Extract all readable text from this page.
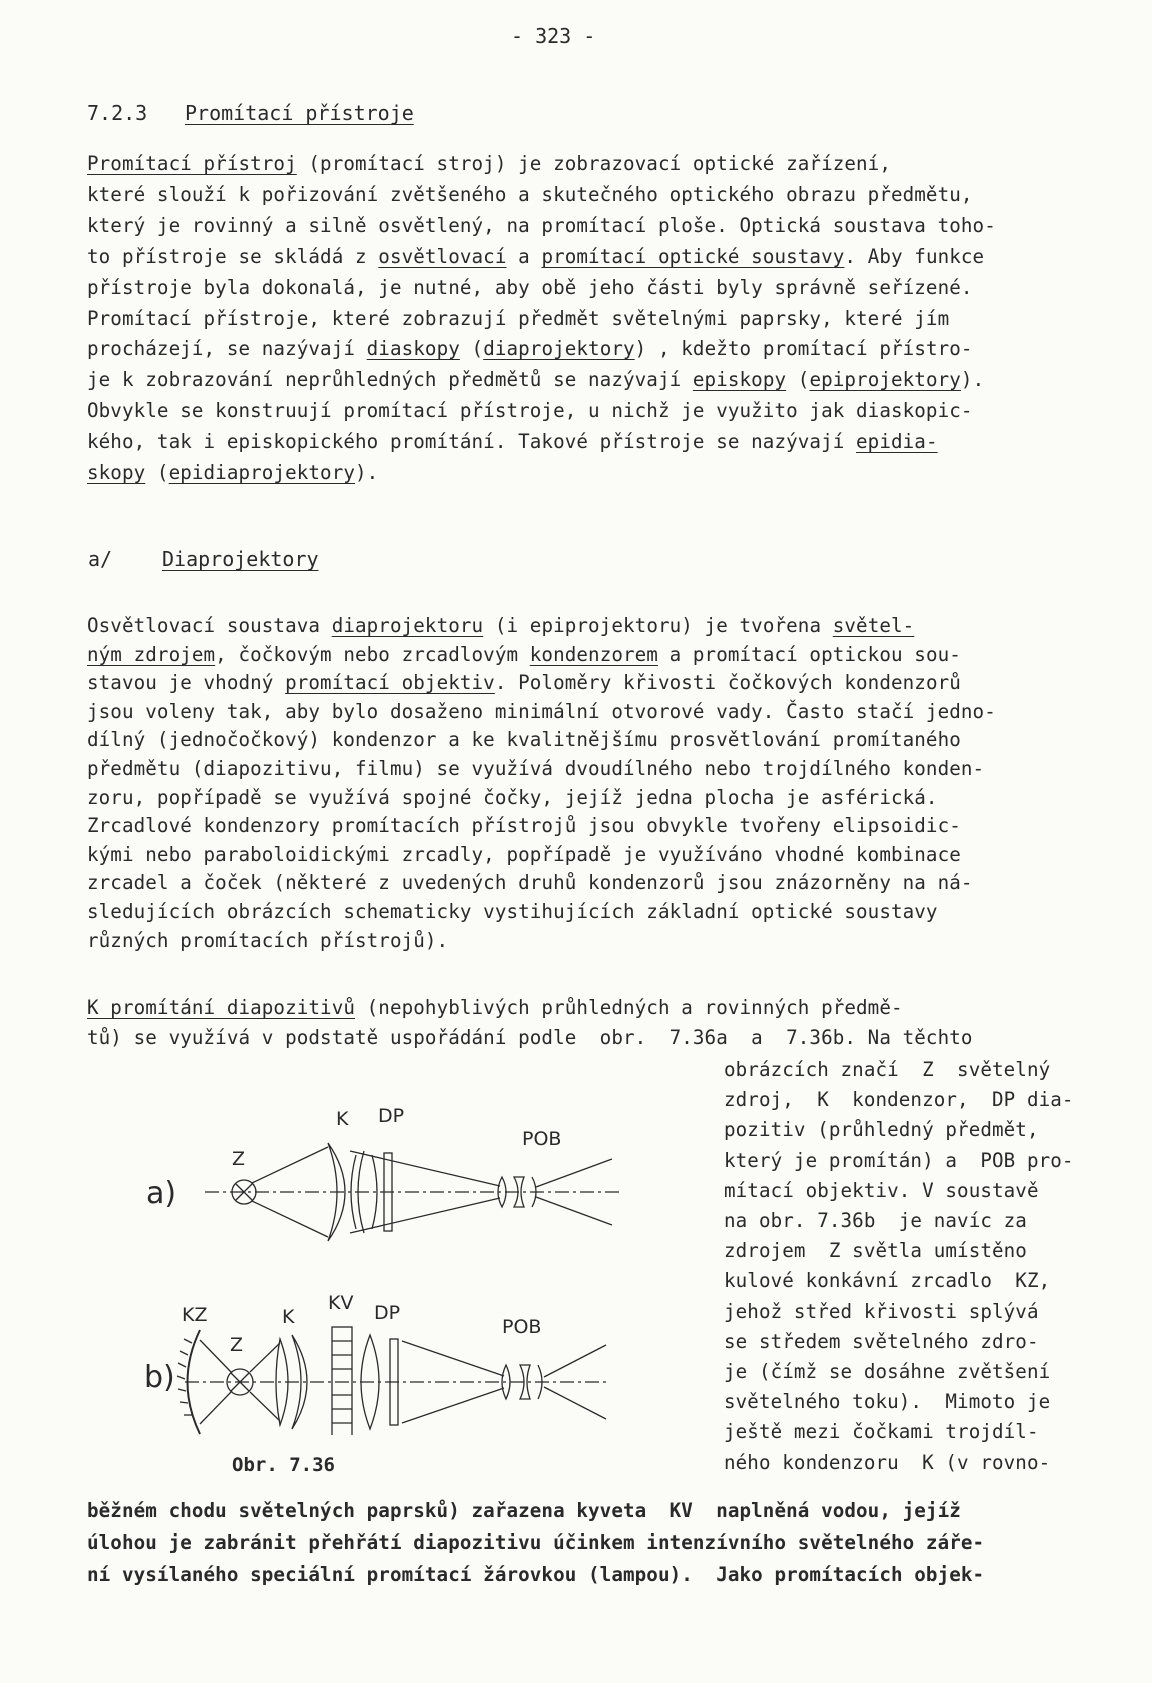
- 323 -
7.2.3 Promítací přístroje
Promítací přístroj (promítací stroj) je zobrazovací optické zařízení,
které slouží k pořizování zvětšeného a skutečného optického obrazu předmětu,
který je rovinný a silně osvětlený, na promítací ploše. Optická soustava toho-
to přístroje se skládá z osvětlovací a promítací optické soustavy. Aby funkce
přístroje byla dokonalá, je nutné, aby obě jeho části byly správně seřízené.
Promítací přístroje, které zobrazují předmět světelnými paprsky, které jím
procházejí, se nazývají diaskopy (diaprojektory) , kdežto promítací přístro-
je k zobrazování neprůhledných předmětů se nazývají episkopy (epiprojektory).
Obvykle se konstruují promítací přístroje, u nichž je využito jak diaskopic-
kého, tak i episkopického promítání. Takové přístroje se nazývají epidia-
skopy (epidiaprojektory).
a/ Diaprojektory
Osvětlovací soustava diaprojektoru (i epiprojektoru) je tvořena světel-
ným zdrojem, čočkovým nebo zrcadlovým kondenzorem a promítací optickou sou-
stavou je vhodný promítací objektiv. Poloměry křivosti čočkových kondenzorů
jsou voleny tak, aby bylo dosaženo minimální otvorové vady. Často stačí jedno-
dílný (jednočočkový) kondenzor a ke kvalitnějšímu prosvětlování promítaného
předmětu (diapozitivu, filmu) se využívá dvoudílného nebo trojdílného konden-
zoru, popřípadě se využívá spojné čočky, jejíž jedna plocha je asférická.
Zrcadlové kondenzory promítacích přístrojů jsou obvykle tvořeny elipsoidic-
kými nebo paraboloidickými zrcadly, popřípadě je využíváno vhodné kombinace
zrcadel a čoček (některé z uvedených druhů kondenzorů jsou znázorněny na ná-
sledujících obrázcích schematicky vystihujících základní optické soustavy
různých promítacích přístrojů).
K promítání diapozitivů (nepohyblivých průhledných a rovinných předmě-
tů) se využívá v podstatě uspořádání podle  obr.  7.36a  a  7.36b. Na těchto
obrázcích značí  Z  světelný
zdroj,  K  kondenzor,  DP dia-
pozitiv (průhledný předmět,
který je promítán) a  POB pro-
mítací objektiv. V soustavě
na obr. 7.36b  je navíc za
zdrojem  Z světla umístěno
kulové konkávní zrcadlo  KZ,
jehož střed křivosti splývá
se středem světelného zdro-
je (čímž se dosáhne zvětšení
světelného toku).  Mimoto je
ještě mezi čočkami trojdíl-
ného kondenzoru  K (v rovno-
běžném chodu světelných paprsků) zařazena kyveta  KV  naplněná vodou, jejíž
úlohou je zabránit přehřátí diapozitivu účinkem intenzívního světelného záře-
ní vysílaného speciální promítací žárovkou (lampou).  Jako promítacích objek-
a)
Z
K DP
POB
b)
KZ
Z
K
KV DP
POB
Obr. 7.36
